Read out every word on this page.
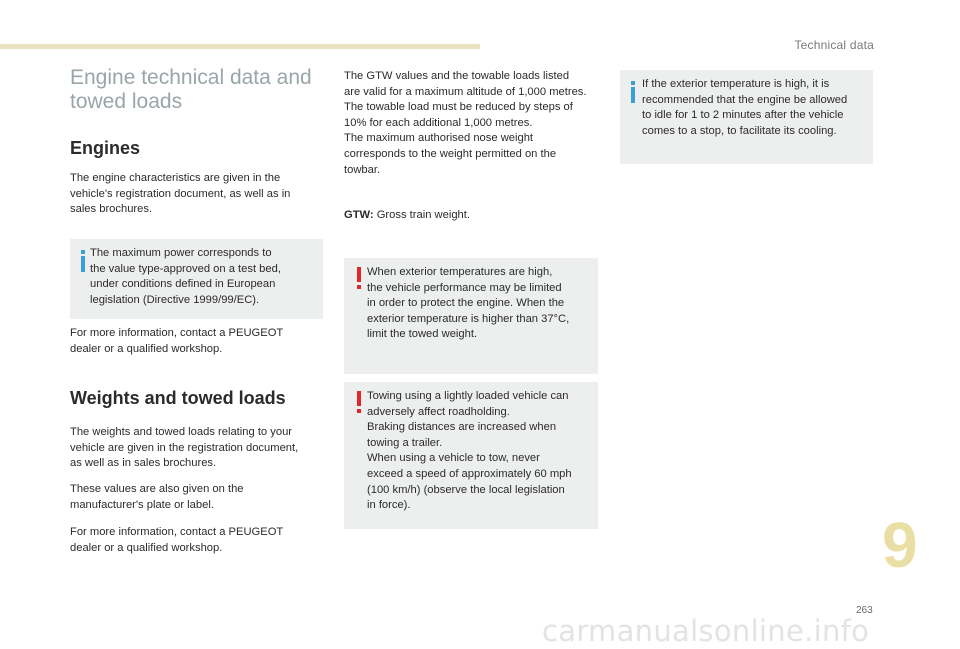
Technical data
Engine technical data and
towed loads
Engines

The engine characteristics are given in the
vehicle's registration document, as well as in
sales brochures.

The maximum power corresponds to
the value type-approved on a test bed,
under conditions defined in European
legislation (Directive 1999/99/EC).

For more information, contact a PEUGEOT
dealer or a qualified workshop.

Weights and towed loads

The weights and towed loads relating to your
vehicle are given in the registration document,
as well as in sales brochures.

These values are also given on the
manufacturer's plate or label.

For more information, contact a PEUGEOT
dealer or a qualified workshop.

The GTW values and the towable loads listed
are valid for a maximum altitude of 1,000 metres.
The towable load must be reduced by steps of
10% for each additional 1,000 metres.
The maximum authorised nose weight
corresponds to the weight permitted on the
towbar.

GTW: Gross train weight.

When exterior temperatures are high,
the vehicle performance may be limited
in order to protect the engine. When the
exterior temperature is higher than 37°C,
limit the towed weight.

Towing using a lightly loaded vehicle can
adversely affect roadholding.
Braking distances are increased when
towing a trailer.
When using a vehicle to tow, never
exceed a speed of approximately 60 mph
(100 km/h) (observe the local legislation
in force).

If the exterior temperature is high, it is
recommended that the engine be allowed
to idle for 1 to 2 minutes after the vehicle
comes to a stop, to facilitate its cooling.

9
263
carmanualsonline.info
